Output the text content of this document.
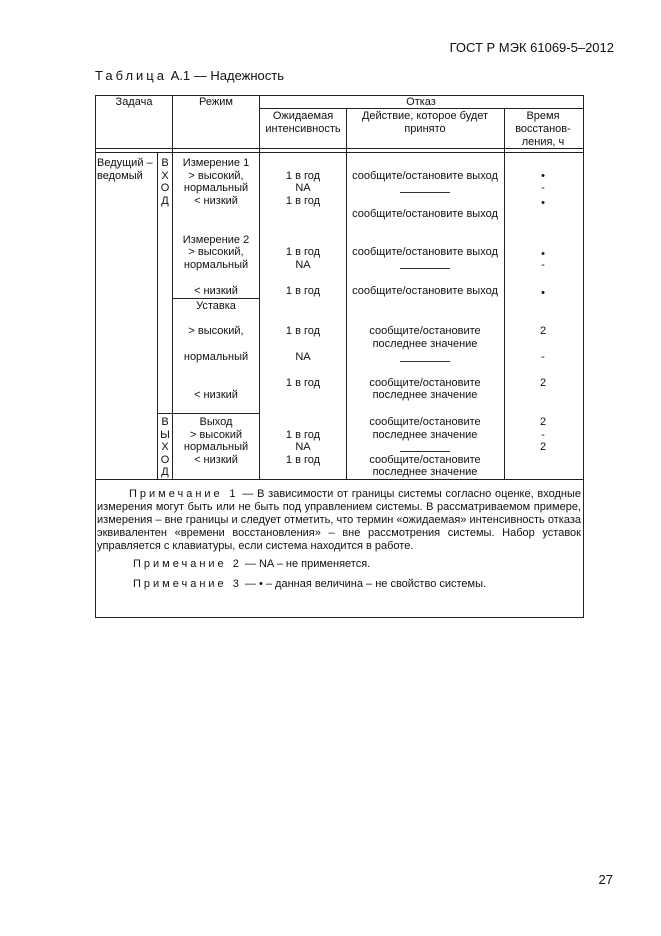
ГОСТ Р МЭК 61069-5–2012
Таблица А.1 — Надежность
Задача	Режим	Отказ
Ожидаемая
интенсивность
Действие, которое будет
принято
Время
восстанов-
ления, ч
Ведущий –
ведомый
В
Х
О
Д
В
Ы
Х
О
Д
Измерение 1
> высокий,
нормальный
< низкий
1 в год
NA
1 в год
сообщите/остановите выход
сообщите/остановите выход
•
-
•
Измерение 2
> высокий,
нормальный
< низкий
1 в год
NA
1 в год
сообщите/остановите выход
сообщите/остановите выход
•
-
•
Уставка
> высокий,
нормальный
< низкий
1 в год
NA
1 в год
сообщите/остановите
последнее значение
сообщите/остановите
последнее значение
2
-
2
Выход
> высокий
нормальный
< низкий
1 в год
NA
1 в год
сообщите/остановите
последнее значение
сообщите/остановите
последнее значение
2
-
2
Примечание 1 — В зависимости от границы системы согласно оценке, входные измерения могут быть или не быть под управлением системы. В рассматриваемом примере, измерения – вне границы и следует отметить, что термин «ожидаемая» интенсивность отказа эквивалентен «времени восстановления» – вне рассмотрения системы. Набор уставок управляется с клавиатуры, если система находится в работе.
Примечание 2 — NA – не применяется.
Примечание 3 — • – данная величина – не свойство системы.
27
